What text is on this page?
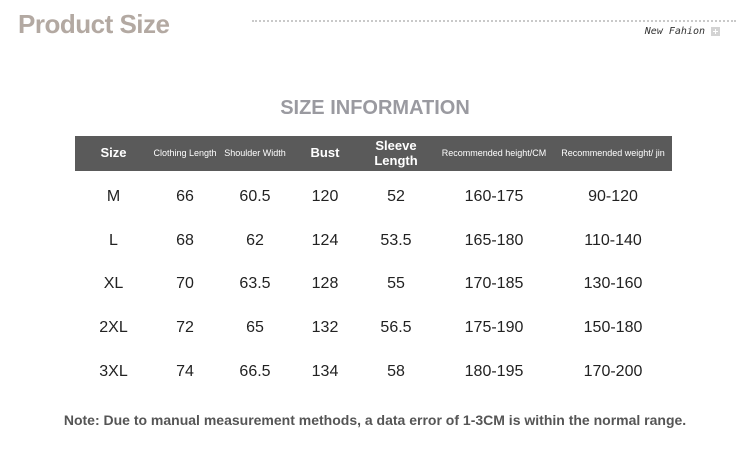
Product Size	New Fahion
SIZE INFORMATION
Size	Clothing Length	Shoulder Width	Bust	Sleeve Length	Recommended height/CM	Recommended weight/ jin
M	66	60.5	120	52	160-175	90-120
L	68	62	124	53.5	165-180	110-140
XL	70	63.5	128	55	170-185	130-160
2XL	72	65	132	56.5	175-190	150-180
3XL	74	66.5	134	58	180-195	170-200
Note: Due to manual measurement methods, a data error of 1-3CM is within the normal range.
